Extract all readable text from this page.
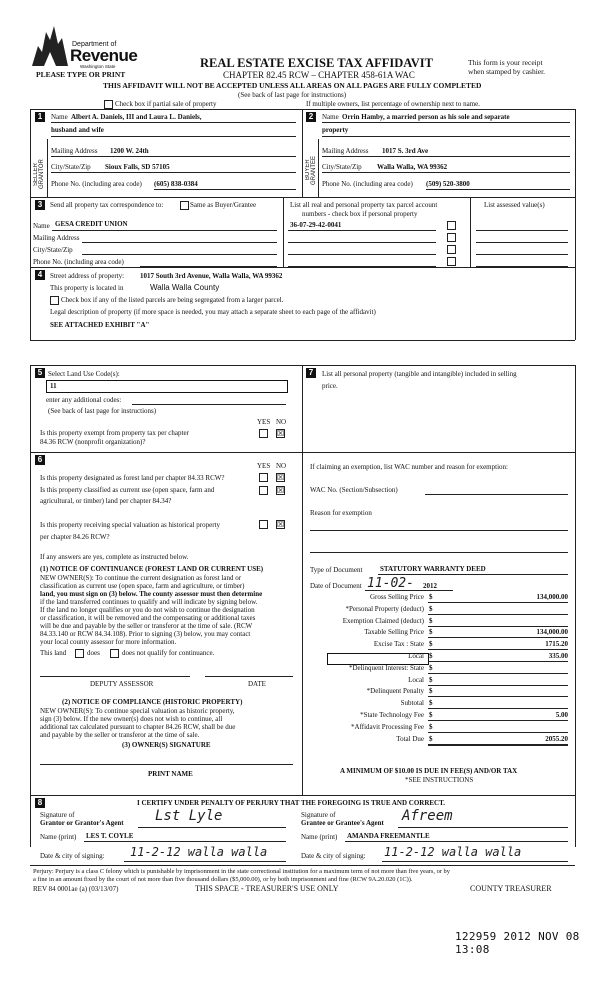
Department of
Revenue
Washington State
PLEASE TYPE OR PRINT
REAL ESTATE EXCISE TAX AFFIDAVIT
CHAPTER 82.45 RCW – CHAPTER 458-61A WAC
This form is your receipt
when stamped by cashier.
THIS AFFIDAVIT WILL NOT BE ACCEPTED UNLESS ALL AREAS ON ALL PAGES ARE FULLY COMPLETED
(See back of last page for instructions)
Check box if partial sale of property	If multiple owners, list percentage of ownership next to name.
1
SELLER GRANTOR
Name Albert A. Daniels, III and Laura L. Daniels,
husband and wife
Mailing Address 1200 W. 24th
City/State/Zip Sioux Falls, SD 57105
Phone No. (including area code) (605) 838-0384
2
BUYER GRANTEE
Name Orrin Hamby, a married person as his sole and separate
property
Mailing Address 1017 S. 3rd Ave
City/State/Zip Walla Walla, WA 99362
Phone No. (including area code) (509) 520-3800
3	Send all property tax correspondence to:	Same as Buyer/Grantee
Name GESA CREDIT UNION
Mailing Address
City/State/Zip
Phone No. (including area code)
List all real and personal property tax parcel account
numbers - check box if personal property
List assessed value(s)
36-07-29-42-0041
4	Street address of property: 1017 South 3rd Avenue, Walla Walla, WA 99362
This property is located in	Walla Walla County
Check box if any of the listed parcels are being segregated from a larger parcel.
Legal description of property (if more space is needed, you may attach a separate sheet to each page of the affidavit)
SEE ATTACHED EXHIBIT "A"
5 Select Land Use Code(s):
11
enter any additional codes:
(See back of last page for instructions)
YES NO
Is this property exempt from property tax per chapter
84.36 RCW (nonprofit organization)?
☒
6
YES NO
Is this property designated as forest land per chapter 84.33 RCW?	☒
Is this property classified as current use (open space, farm and
agricultural, or timber) land per chapter 84.34?
☒
Is this property receiving special valuation as historical property
per chapter 84.26 RCW?
☒
If any answers are yes, complete as instructed below.
(1) NOTICE OF CONTINUANCE (FOREST LAND OR CURRENT USE)
NEW OWNER(S): To continue the current designation as forest land or
classification as current use (open space, farm and agriculture, or timber)
land, you must sign on (3) below. The county assessor must then determine
if the land transferred continues to qualify and will indicate by signing below.
If the land no longer qualifies or you do not wish to continue the designation
or classification, it will be removed and the compensating or additional taxes
will be due and payable by the seller or transferor at the time of sale. (RCW
84.33.140 or RCW 84.34.108). Prior to signing (3) below, you may contact
your local county assessor for more information.
This land	does	does not qualify for continuance.
DEPUTY ASSESSOR	DATE
(2) NOTICE OF COMPLIANCE (HISTORIC PROPERTY)
NEW OWNER(S): To continue special valuation as historic property,
sign (3) below. If the new owner(s) does not wish to continue, all
additional tax calculated pursuant to chapter 84.26 RCW, shall be due
and payable by the seller or transferor at the time of sale.
(3) OWNER(S) SIGNATURE
PRINT NAME
7	List all personal property (tangible and intangible) included in selling
price.
If claiming an exemption, list WAC number and reason for exemption:
WAC No. (Section/Subsection)
Reason for exemption
Type of Document	STATUTORY WARRANTY DEED
Date of Document 11-02- 2012
Gross Selling Price $	134,000.00
*Personal Property (deduct) $
Exemption Claimed (deduct) $
Taxable Selling Price $	134,000.00
Excise Tax : State $	1715.20
Local $	335.00
*Delinquent Interest: State $
Local $
*Delinquent Penalty $
Subtotal $
*State Technology Fee $	5.00
*Affidavit Processing Fee $
Total Due $	2055.20
A MINIMUM OF $10.00 IS DUE IN FEE(S) AND/OR TAX
*SEE INSTRUCTIONS
8	I CERTIFY UNDER PENALTY OF PERJURY THAT THE FOREGOING IS TRUE AND CORRECT.
Signature of
Grantor or Grantor's Agent Lst Lyle
Name (print) LES T. COYLE
Signature of
Grantee or Grantee's Agent Afreem
Name (print) AMANDA FREEMANTLE
Date & city of signing: 11-2-12 walla walla	Date & city of signing: 11-2-12 walla walla
Perjury: Perjury is a class C felony which is punishable by imprisonment in the state correctional institution for a maximum term of not more than five years, or by
a fine in an amount fixed by the court of not more than five thousand dollars ($5,000.00), or by both imprisonment and fine (RCW 9A.20.020 (1C)).
REV 84 0001ae (a) (03/13/07)	THIS SPACE - TREASURER'S USE ONLY	COUNTY TREASURER
122959 2012 NOV 08 13:08
